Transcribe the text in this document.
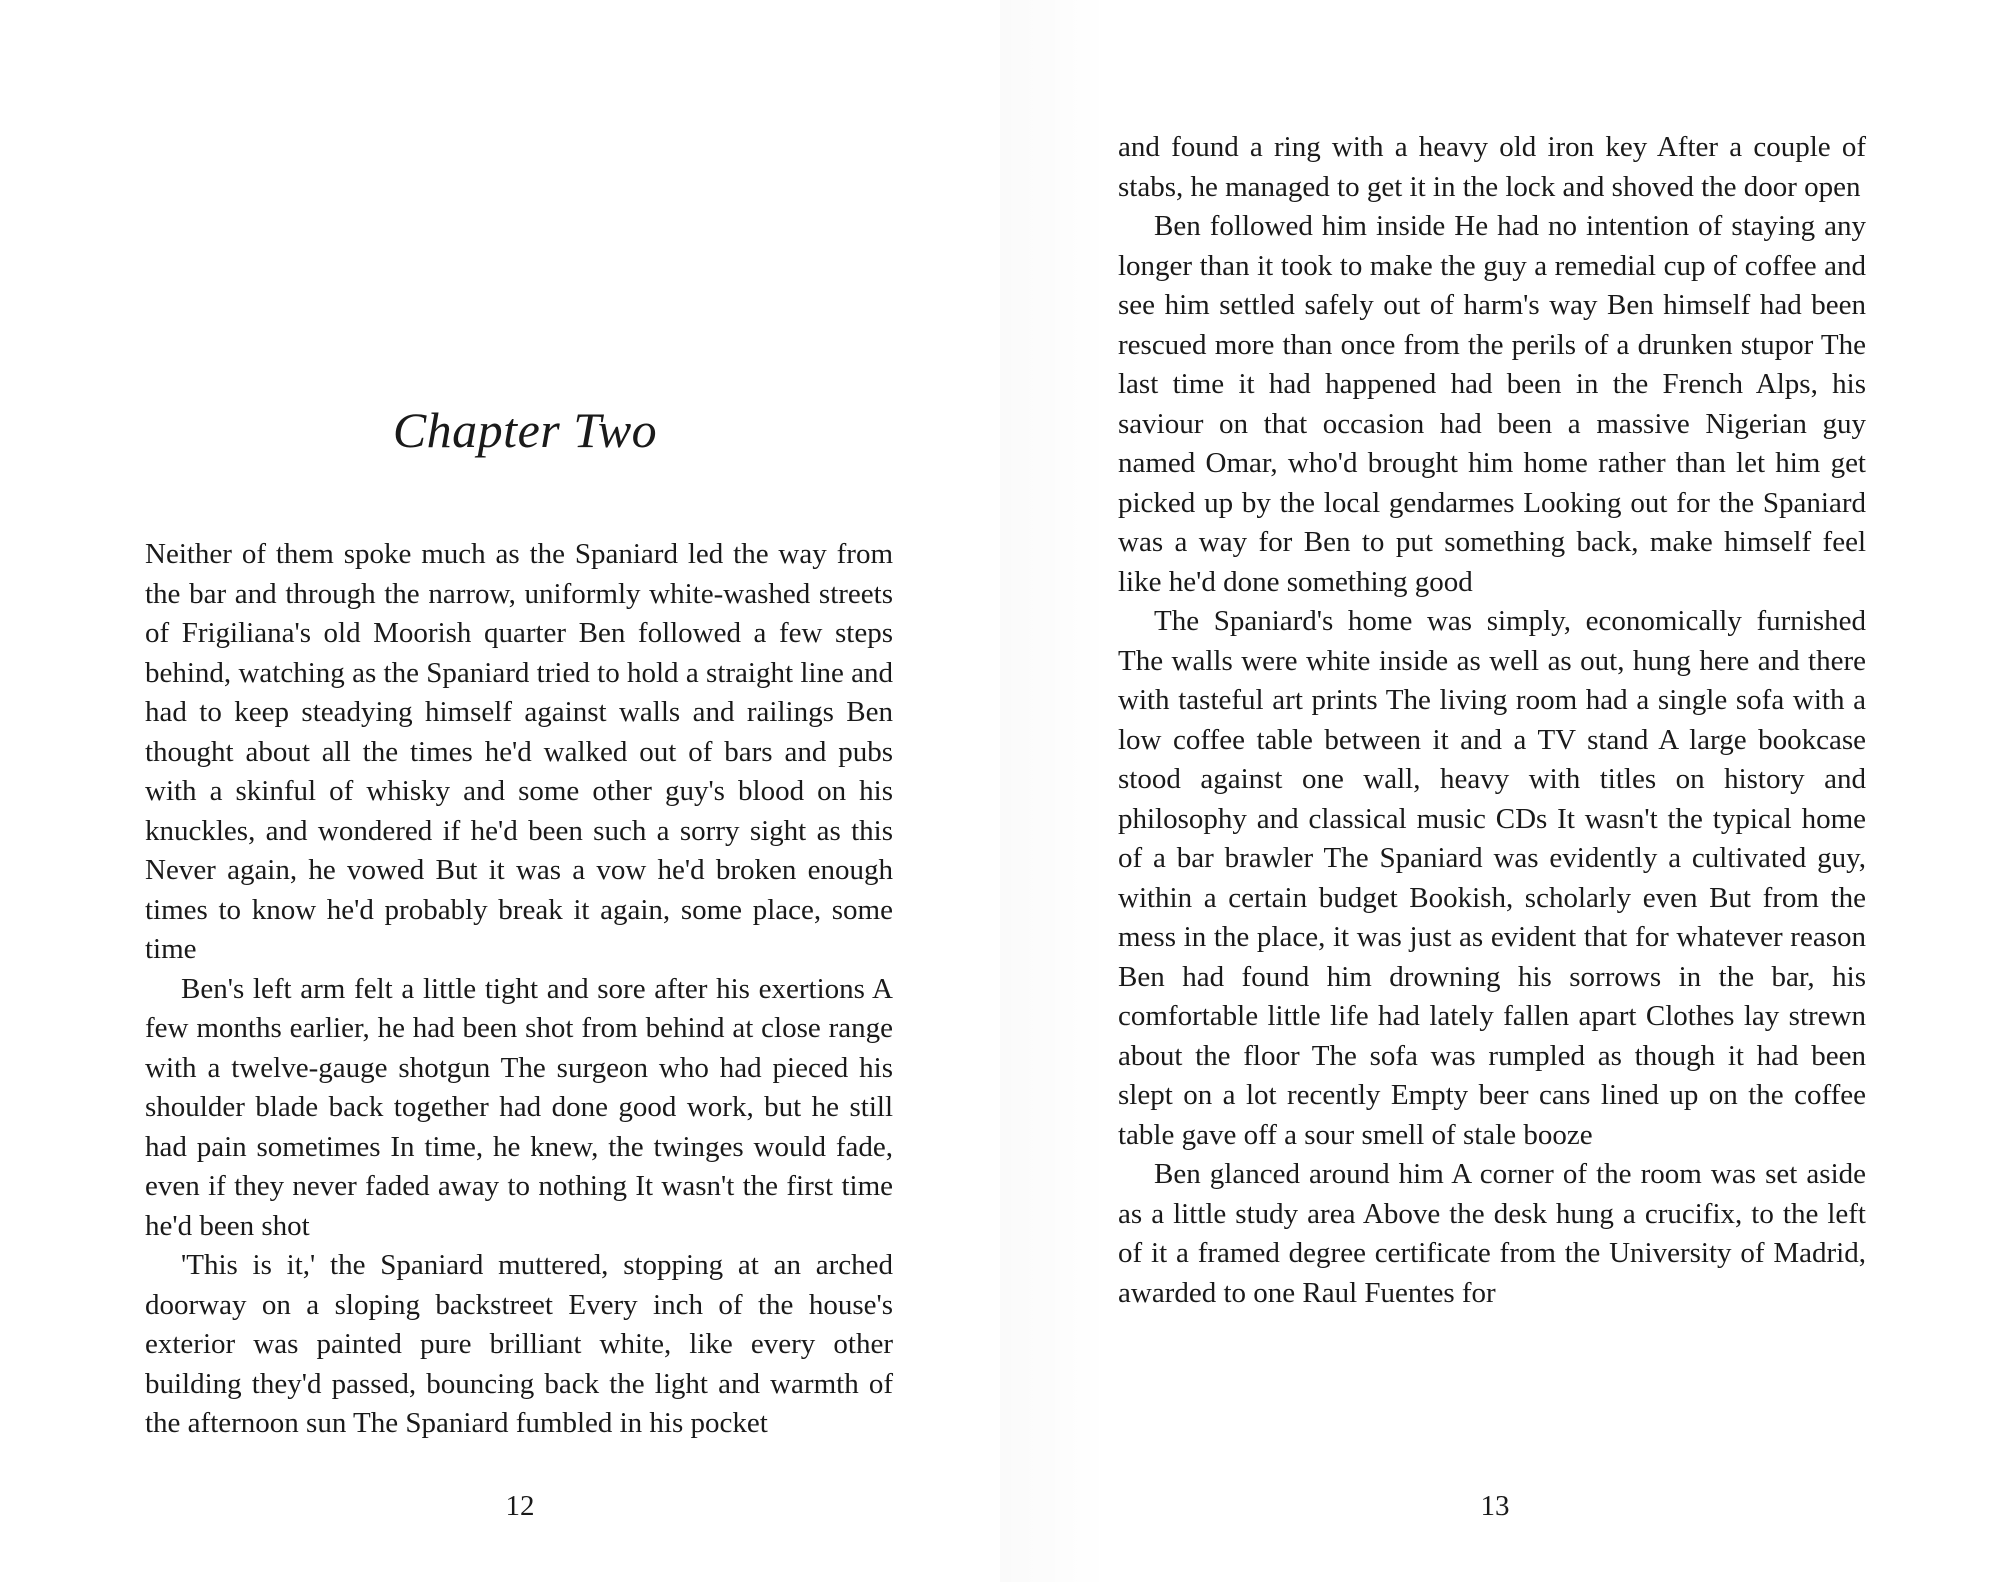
Chapter Two

Neither of them spoke much as the Spaniard led the way from the bar and through the narrow, uniformly white-washed streets of Frigiliana's old Moorish quarter Ben followed a few steps behind, watching as the Spaniard tried to hold a straight line and had to keep steadying himself against walls and railings Ben thought about all the times he'd walked out of bars and pubs with a skinful of whisky and some other guy's blood on his knuckles, and wondered if he'd been such a sorry sight as this Never again, he vowed But it was a vow he'd broken enough times to know he'd probably break it again, some place, some time

Ben's left arm felt a little tight and sore after his exertions A few months earlier, he had been shot from behind at close range with a twelve-gauge shotgun The surgeon who had pieced his shoulder blade back together had done good work, but he still had pain sometimes In time, he knew, the twinges would fade, even if they never faded away to nothing It wasn't the first time he'd been shot

'This is it,' the Spaniard muttered, stopping at an arched doorway on a sloping backstreet Every inch of the house's exterior was painted pure brilliant white, like every other building they'd passed, bouncing back the light and warmth of the afternoon sun The Spaniard fumbled in his pocket

12

and found a ring with a heavy old iron key After a couple of stabs, he managed to get it in the lock and shoved the door open

Ben followed him inside He had no intention of staying any longer than it took to make the guy a remedial cup of coffee and see him settled safely out of harm's way Ben himself had been rescued more than once from the perils of a drunken stupor The last time it had happened had been in the French Alps, his saviour on that occasion had been a massive Nigerian guy named Omar, who'd brought him home rather than let him get picked up by the local gendarmes Looking out for the Spaniard was a way for Ben to put something back, make himself feel like he'd done something good

The Spaniard's home was simply, economically furnished The walls were white inside as well as out, hung here and there with tasteful art prints The living room had a single sofa with a low coffee table between it and a TV stand A large bookcase stood against one wall, heavy with titles on history and philosophy and classical music CDs It wasn't the typical home of a bar brawler The Spaniard was evidently a cultivated guy, within a certain budget Bookish, scholarly even But from the mess in the place, it was just as evident that for whatever reason Ben had found him drowning his sorrows in the bar, his comfortable little life had lately fallen apart Clothes lay strewn about the floor The sofa was rumpled as though it had been slept on a lot recently Empty beer cans lined up on the coffee table gave off a sour smell of stale booze

Ben glanced around him A corner of the room was set aside as a little study area Above the desk hung a crucifix, to the left of it a framed degree certificate from the University of Madrid, awarded to one Raul Fuentes for

13
